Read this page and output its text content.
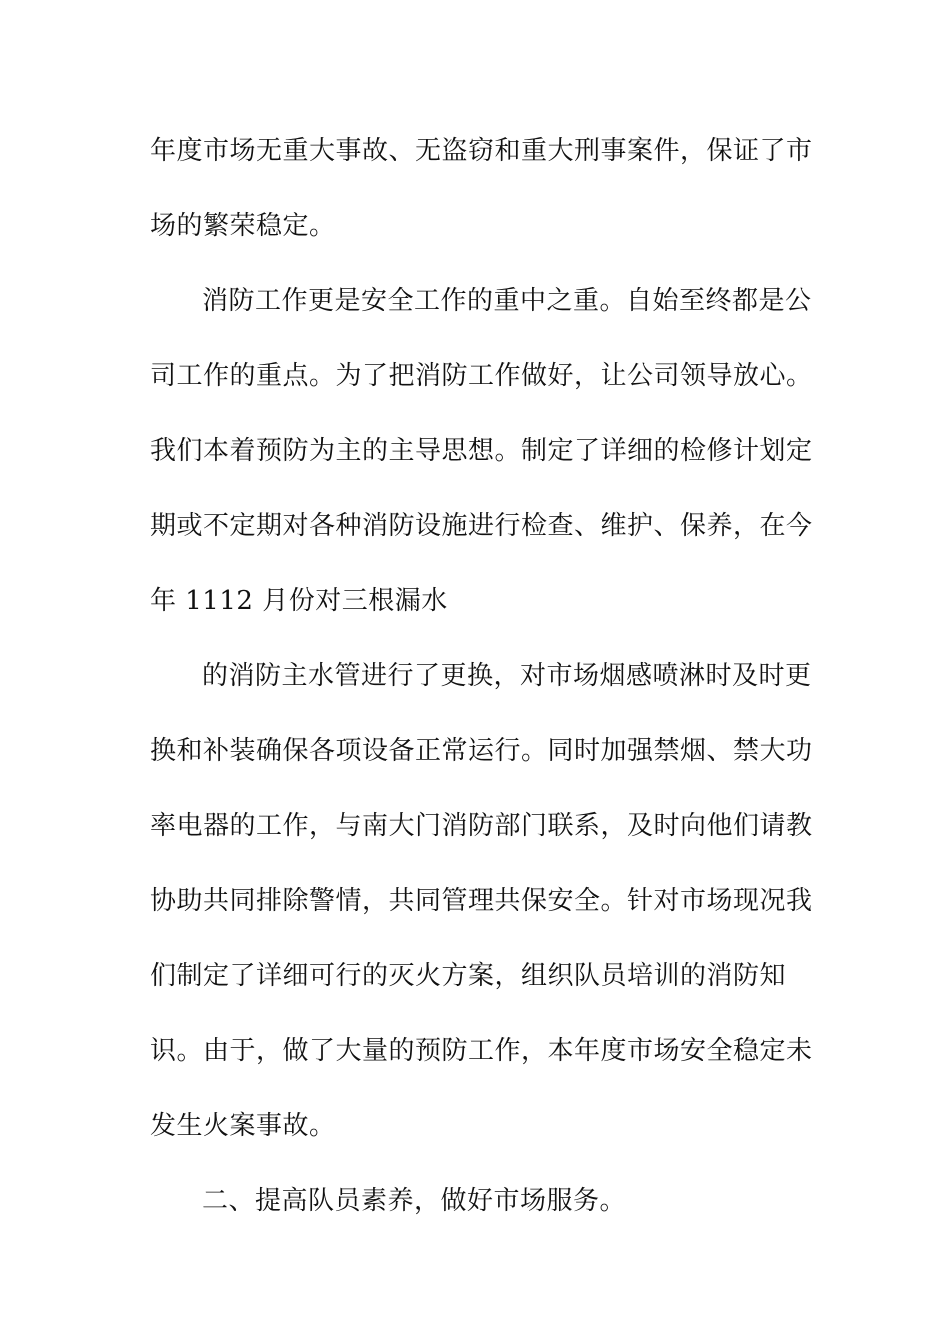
年度市场无重大事故、无盗窃和重大刑事案件，保证了市
场的繁荣稳定。
消防工作更是安全工作的重中之重。自始至终都是公
司工作的重点。为了把消防工作做好，让公司领导放心。
我们本着预防为主的主导思想。制定了详细的检修计划定
期或不定期对各种消防设施进行检查、维护、保养，在今
年 1112 月份对三根漏水
的消防主水管进行了更换，对市场烟感喷淋时及时更
换和补装确保各项设备正常运行。同时加强禁烟、禁大功
率电器的工作，与南大门消防部门联系，及时向他们请教
协助共同排除警情，共同管理共保安全。针对市场现况我
们制定了详细可行的灭火方案，组织队员培训的消防知
识。由于，做了大量的预防工作，本年度市场安全稳定未
发生火案事故。
二、提高队员素养，做好市场服务。
